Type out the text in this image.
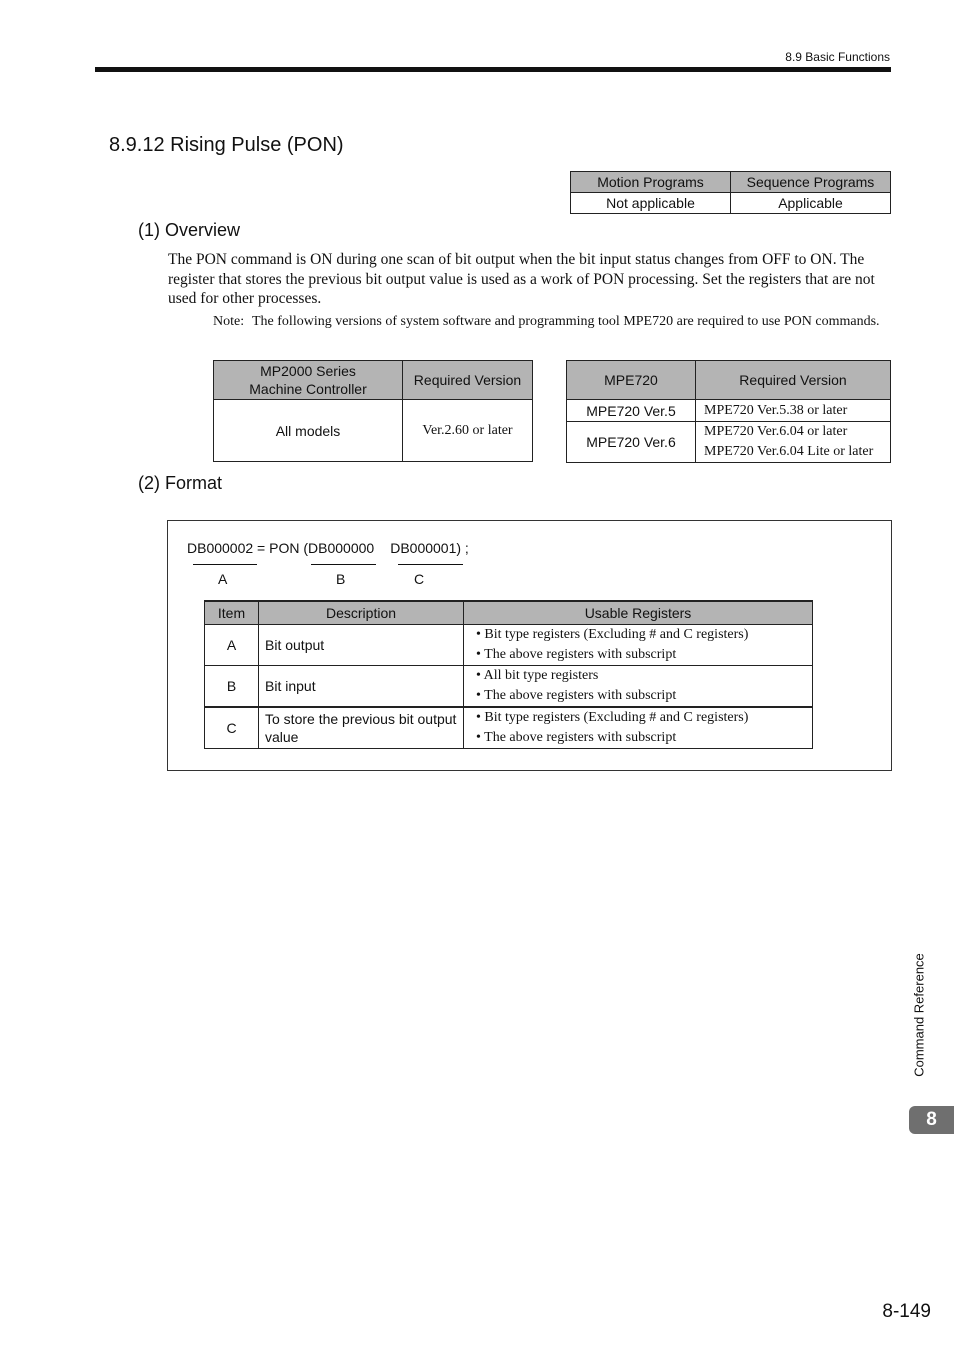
8.9 Basic Functions
8.9.12 Rising Pulse (PON)
Motion Programs	Sequence Programs
Not applicable	Applicable
(1) Overview
The PON command is ON during one scan of bit output when the bit input status changes from OFF to ON. The register that stores the previous bit output value is used as a work of PON processing. Set the registers that are not used for other processes.
Note: The following versions of system software and programming tool MPE720 are required to use PON commands.
MP2000 Series
Machine Controller	Required Version
All models	Ver.2.60 or later
MPE720	Required Version
MPE720 Ver.5	MPE720 Ver.5.38 or later
MPE720 Ver.6	MPE720 Ver.6.04 or later
MPE720 Ver.6.04 Lite or later
(2) Format
DB000002 = PON (DB000000 DB000001) ;
A	B	C
Item	Description	Usable Registers
A	Bit output	• Bit type registers (Excluding # and C registers)
• The above registers with subscript
B	Bit input	• All bit type registers
• The above registers with subscript
C	To store the previous bit output value	• Bit type registers (Excluding # and C registers)
• The above registers with subscript
Command Reference
8
8-149
